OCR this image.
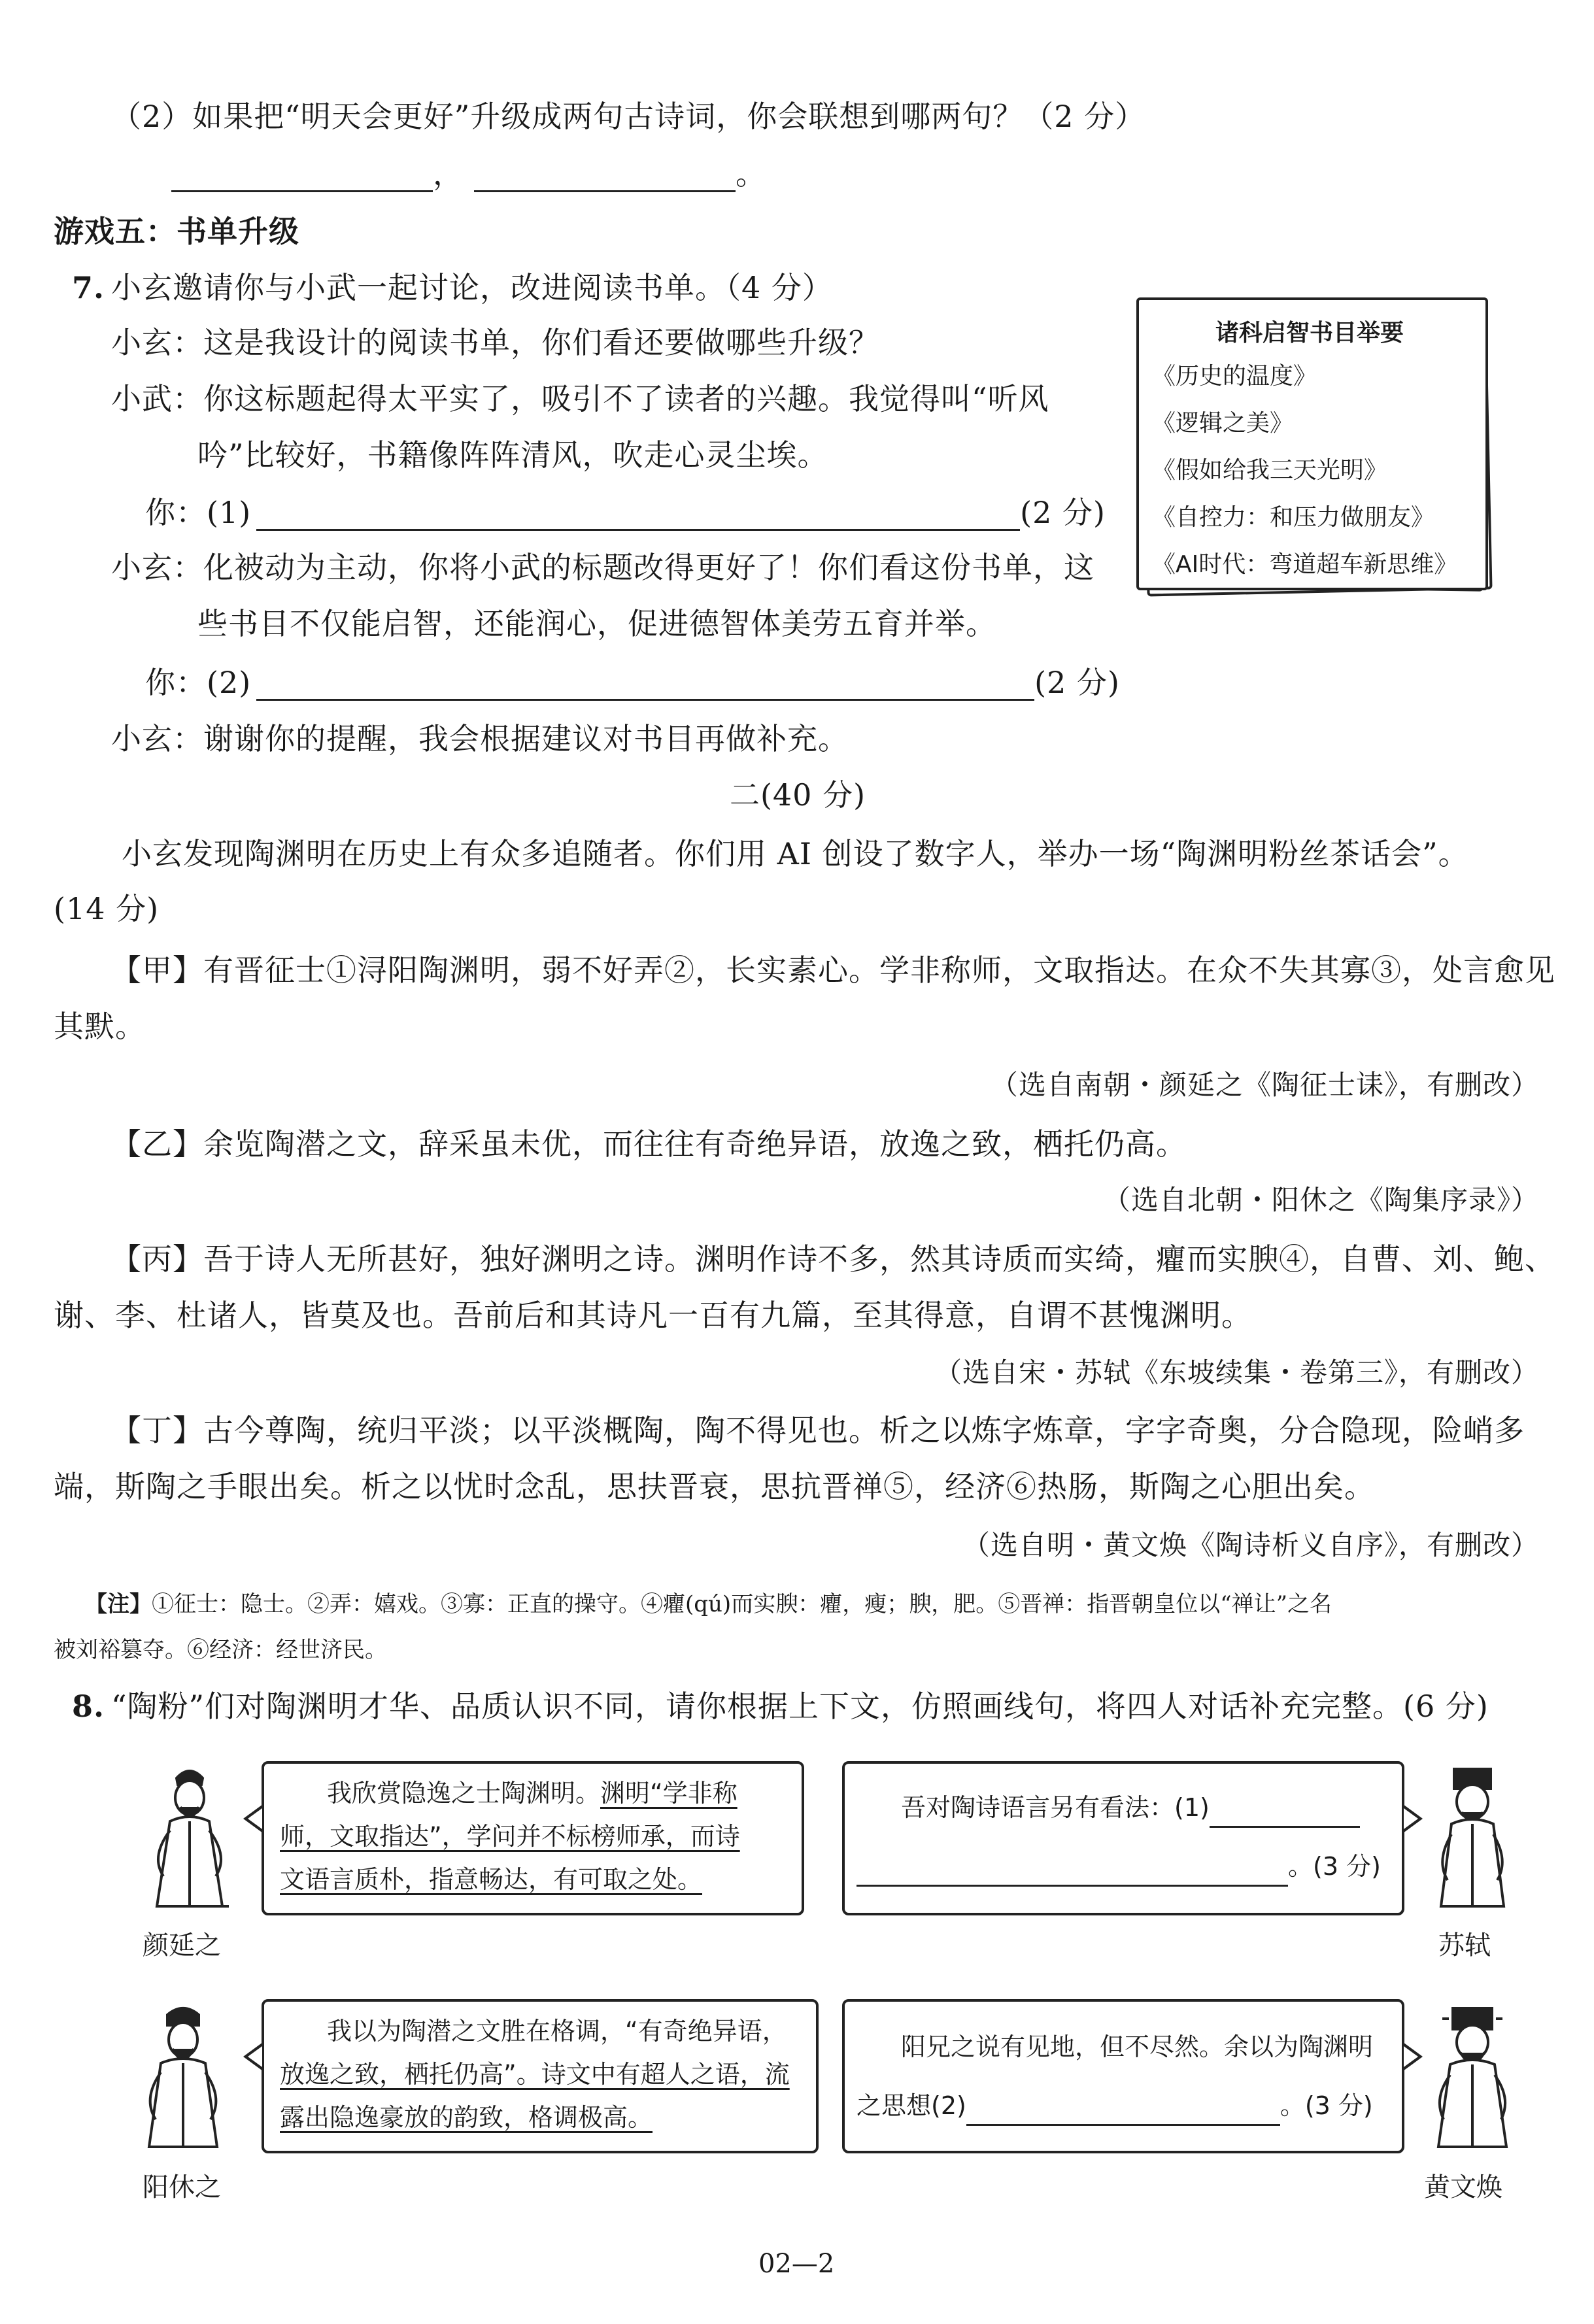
（2）如果把“明天会更好”升级成两句古诗词，你会联想到哪两句？（2 分）
，	。
游戏五：书单升级
7. 小玄邀请你与小武一起讨论，改进阅读书单。（4 分）
小玄：这是我设计的阅读书单，你们看还要做哪些升级？
小武：你这标题起得太平实了，吸引不了读者的兴趣。我觉得叫“听风
吟”比较好，书籍像阵阵清风，吹走心灵尘埃。
你：(1)	(2 分)
小玄：化被动为主动，你将小武的标题改得更好了！你们看这份书单，这
些书目不仅能启智，还能润心，促进德智体美劳五育并举。
你：(2)	(2 分)
小玄：谢谢你的提醒，我会根据建议对书目再做补充。
诸科启智书目举要
《历史的温度》
《逻辑之美》
《假如给我三天光明》
《自控力：和压力做朋友》
《AI时代：弯道超车新思维》
二(40 分)
小玄发现陶渊明在历史上有众多追随者。你们用 AI 创设了数字人，举办一场“陶渊明粉丝茶话会”。
(14 分)
【甲】有晋征士①浔阳陶渊明，弱不好弄②，长实素心。学非称师，文取指达。在众不失其寡③，处言愈见
其默。
（选自南朝・颜延之《陶征士诔》，有删改）
【乙】余览陶潜之文，辞采虽未优，而往往有奇绝异语，放逸之致，栖托仍高。
（选自北朝・阳休之《陶集序录》）
【丙】吾于诗人无所甚好，独好渊明之诗。渊明作诗不多，然其诗质而实绮，癯而实腴④，自曹、刘、鲍、
谢、李、杜诸人，皆莫及也。吾前后和其诗凡一百有九篇，至其得意，自谓不甚愧渊明。
（选自宋・苏轼《东坡续集・卷第三》，有删改）
【丁】古今尊陶，统归平淡；以平淡概陶，陶不得见也。析之以炼字炼章，字字奇奥，分合隐现，险峭多
端，斯陶之手眼出矣。析之以忧时念乱，思扶晋衰，思抗晋禅⑤，经济⑥热肠，斯陶之心胆出矣。
（选自明・黄文焕《陶诗析义自序》，有删改）
【注】①征士：隐士。②弄：嬉戏。③寡：正直的操守。④癯(qú)而实腴：癯，瘦；腴，肥。⑤晋禅：指晋朝皇位以“禅让”之名
被刘裕篡夺。⑥经济：经世济民。
8. “陶粉”们对陶渊明才华、品质认识不同，请你根据上下文，仿照画线句，将四人对话补充完整。(6 分)
颜延之
我欣赏隐逸之士陶渊明。渊明“学非称
师，文取指达”，学问并不标榜师承，而诗
文语言质朴，指意畅达，有可取之处。
吾对陶诗语言另有看法：(1)
。(3 分)
苏轼
阳休之
我以为陶潜之文胜在格调，“有奇绝异语，
放逸之致，栖托仍高”。诗文中有超人之语，流
露出隐逸豪放的韵致，格调极高。
阳兄之说有见地，但不尽然。余以为陶渊明
之思想(2)	。(3 分)
黄文焕
02—2
